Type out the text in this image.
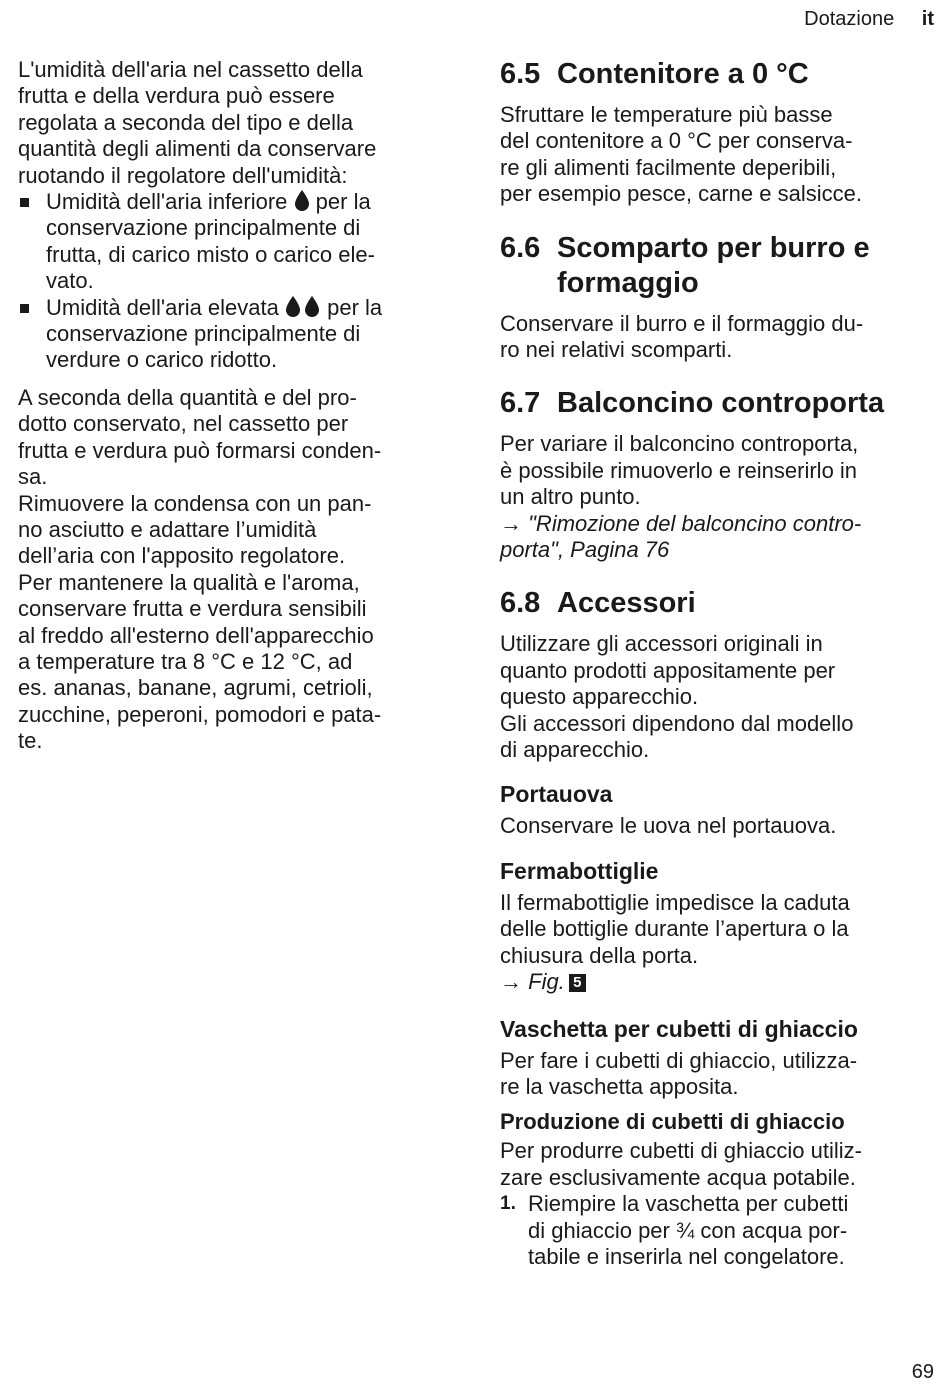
Dotazione it

L'umidità dell'aria nel cassetto della

frutta e della verdura può essere

regolata a seconda del tipo e della

quantità degli alimenti da conservare

ruotando il regolatore dell'umidità:

Umidità dell'aria inferiore per la
conservazione principalmente di
frutta, di carico misto o carico ele-
vato.
Umidità dell'aria elevata per la
conservazione principalmente di
verdure o carico ridotto.

A seconda della quantità e del pro-

dotto conservato, nel cassetto per

frutta e verdura può formarsi conden-

sa.

Rimuovere la condensa con un pan-

no asciutto e adattare l’umidità

dell’aria con l'apposito regolatore.

Per mantenere la qualità e l'aroma,

conservare frutta e verdura sensibili

al freddo all'esterno dell'apparecchio

a temperature tra 8 °C e 12 °C, ad

es. ananas, banane, agrumi, cetrioli,

zucchine, peperoni, pomodori e pata-

te.

6.5 Contenitore a 0 °C

Sfruttare le temperature più basse

del contenitore a 0 °C per conserva-

re gli alimenti facilmente deperibili,

per esempio pesce, carne e salsicce.

6.6 Scomparto per burro e
formaggio

Conservare il burro e il formaggio du-

ro nei relativi scomparti.

6.7 Balconcino controporta

Per variare il balconcino controporta,

è possibile rimuoverlo e reinserirlo in

un altro punto.

→ "Rimozione del balconcino contro-

porta", Pagina 76

6.8 Accessori

Utilizzare gli accessori originali in

quanto prodotti appositamente per

questo apparecchio.

Gli accessori dipendono dal modello

di apparecchio.

Portauova

Conservare le uova nel portauova.

Fermabottiglie

Il fermabottiglie impedisce la caduta

delle bottiglie durante l’apertura o la

chiusura della porta.

→ Fig. 5

Vaschetta per cubetti di ghiaccio

Per fare i cubetti di ghiaccio, utilizza-

re la vaschetta apposita.

Produzione di cubetti di ghiaccio

Per produrre cubetti di ghiaccio utiliz-

zare esclusivamente acqua potabile.

1. Riempire la vaschetta per cubetti
di ghiaccio per ¾ con acqua por-
tabile e inserirla nel congelatore.
69
